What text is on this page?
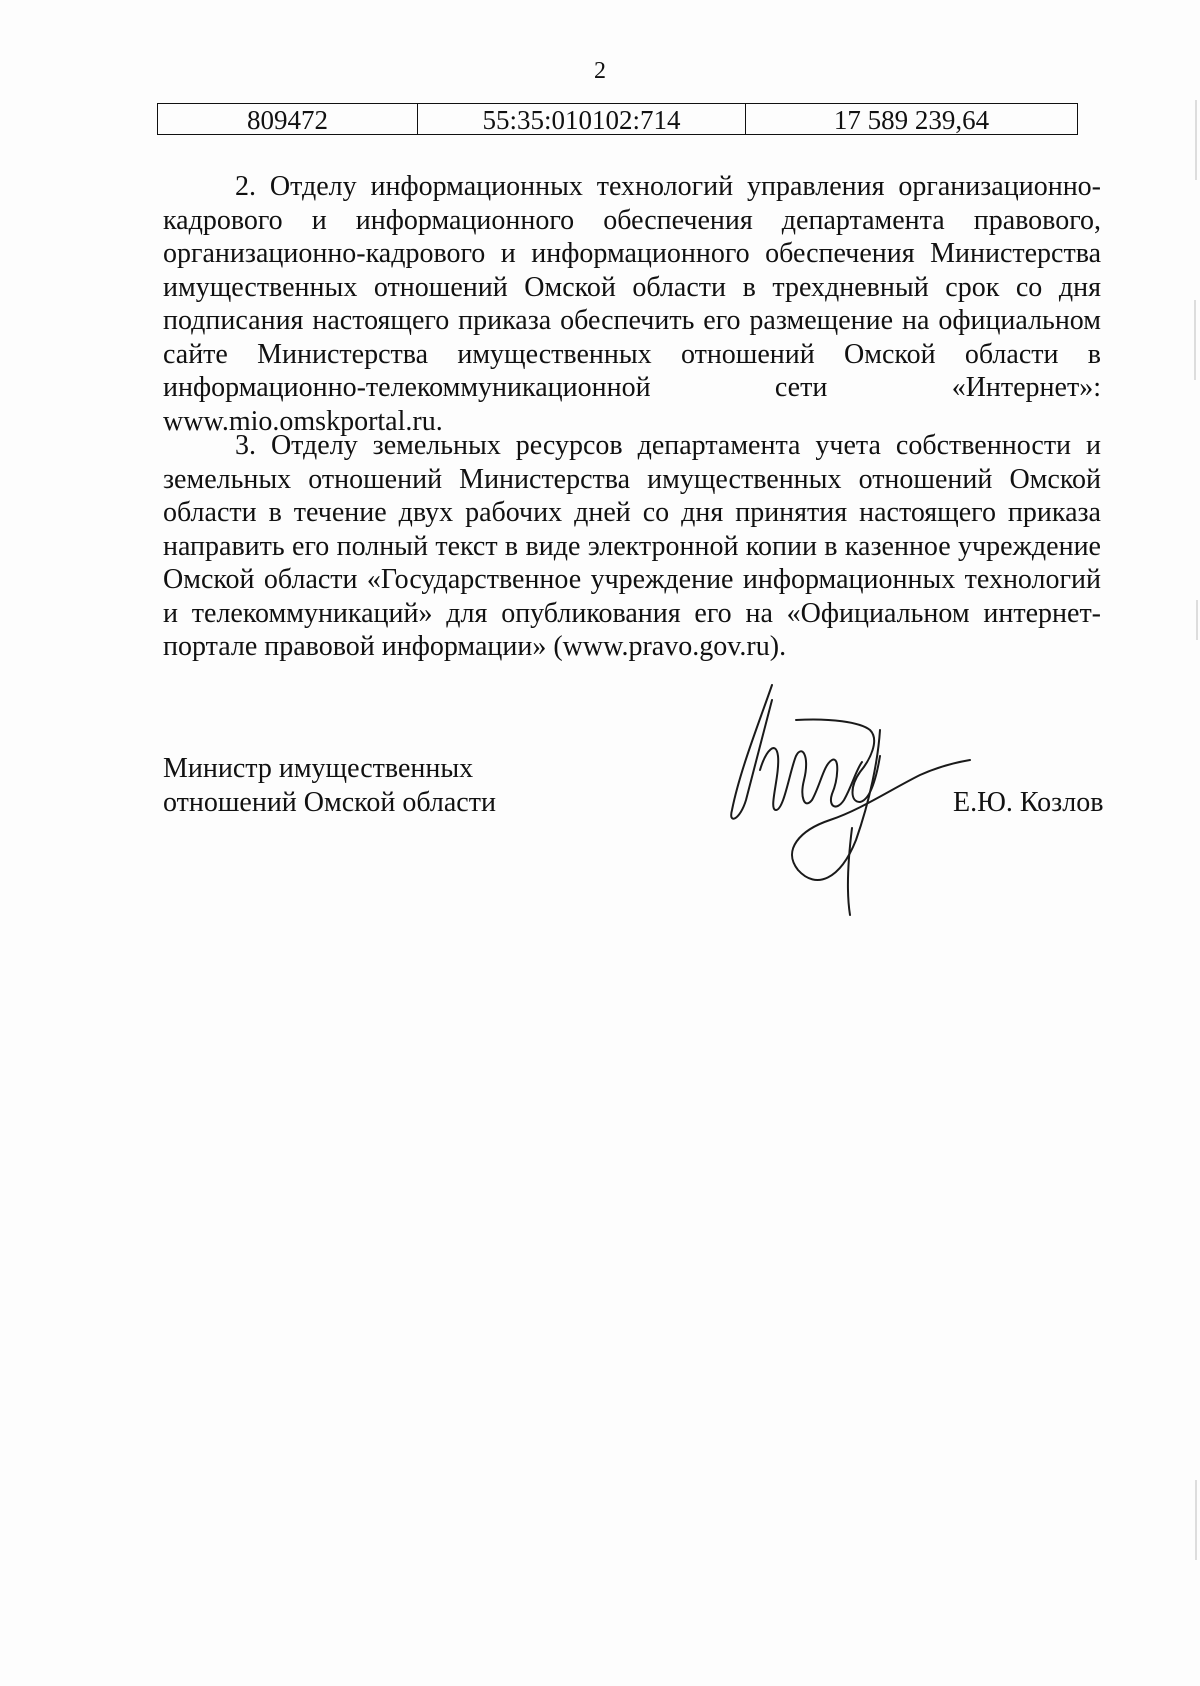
2
809472	55:35:010102:714	17 589 239,64

2. Отделу информационных технологий управления организационно-кадрового и информационного обеспечения департамента правового, организационно-кадрового и информационного обеспечения Министерства имущественных отношений Омской области в трехдневный срок со дня подписания настоящего приказа обеспечить его размещение на официальном сайте Министерства имущественных отношений Омской области в информационно-телекоммуникационной сети «Интернет»: www.mio.omskportal.ru.

3. Отделу земельных ресурсов департамента учета собственности и земельных отношений Министерства имущественных отношений Омской области в течение двух рабочих дней со дня принятия настоящего приказа направить его полный текст в виде электронной копии в казенное учреждение Омской области «Государственное учреждение информационных технологий и телекоммуникаций» для опубликования его на «Официальном интернет-портале правовой информации» (www.pravo.gov.ru).

Министр имущественных
отношений Омской области	Е.Ю. Козлов
